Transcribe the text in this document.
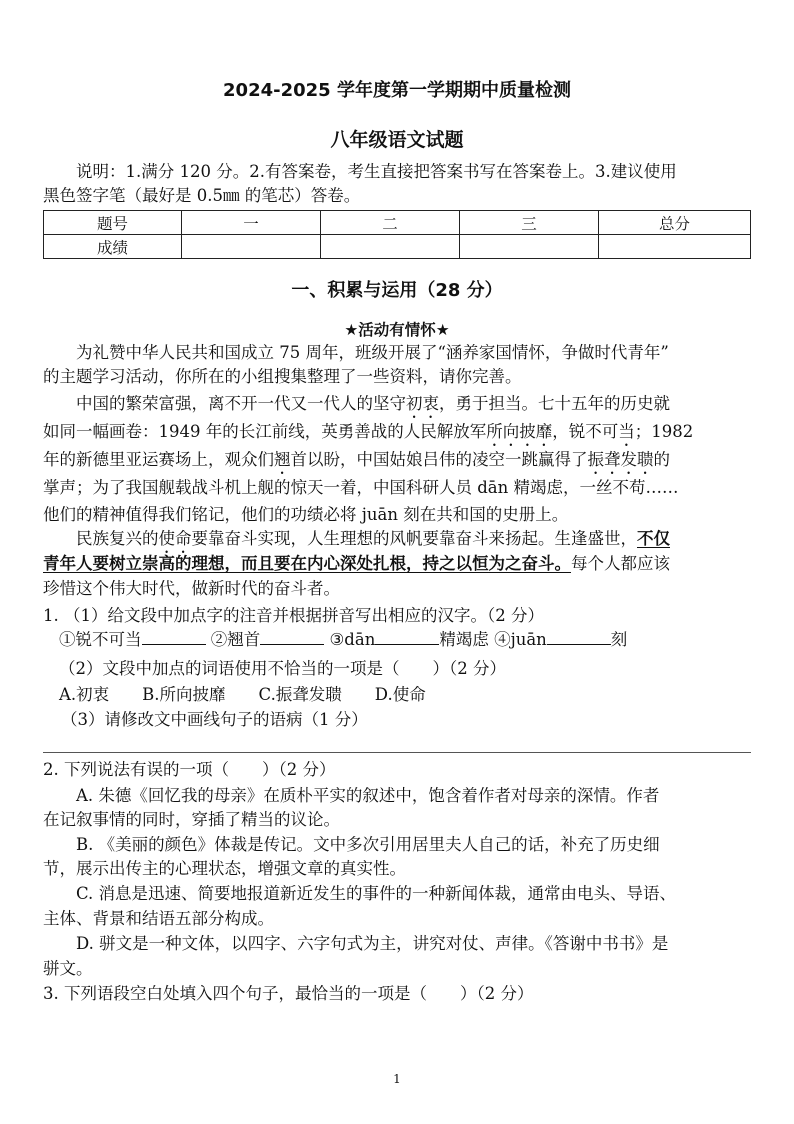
2024-2025 学年度第一学期期中质量检测
八年级语文试题
说明：1.满分 120 分。2.有答案卷，考生直接把答案书写在答案卷上。3.建议使用
黑色签字笔（最好是 0.5㎜ 的笔芯）答卷。
题号	一	二	三	总分
成绩				
一、积累与运用（28 分）
★活动有情怀★
为礼赞中华人民共和国成立 75 周年，班级开展了“涵养家国情怀，争做时代青年”
的主题学习活动，你所在的小组搜集整理了一些资料，请你完善。
中国的繁荣富强，离不开一代又一代人的坚守初衷，勇于担当。七十五年的历史就
如同一幅画卷：1949 年的长江前线，英勇善战的人民解放军所向披靡，锐不可当；1982
年的新德里亚运赛场上，观众们翘首以盼，中国姑娘吕伟的凌空一跳赢得了振聋发聩的
掌声；为了我国舰载战斗机上舰的惊天一着，中国科研人员 dān 精竭虑，一丝不苟……
他们的精神值得我们铭记，他们的功绩必将 juān 刻在共和国的史册上。
民族复兴的使命要靠奋斗实现，人生理想的风帆要靠奋斗来扬起。生逢盛世，不仅
青年人要树立崇高的理想，而且要在内心深处扎根，持之以恒为之奋斗。每个人都应该
珍惜这个伟大时代，做新时代的奋斗者。
1. （1）给文段中加点字的注音并根据拼音写出相应的汉字。（2 分）
①锐不可当	②翘首	③dān	精竭虑 ④juān	刻
（2）文段中加点的词语使用不恰当的一项是（　　）（2 分）
A.初衷　　B.所向披靡　　C.振聋发聩　　D.使命
（3）请修改文中画线句子的语病（1 分）
2. 下列说法有误的一项（　　）（2 分）
A. 朱德《回忆我的母亲》在质朴平实的叙述中，饱含着作者对母亲的深情。作者
在记叙事情的同时，穿插了精当的议论。
B. 《美丽的颜色》体裁是传记。文中多次引用居里夫人自己的话，补充了历史细
节，展示出传主的心理状态，增强文章的真实性。
C. 消息是迅速、简要地报道新近发生的事件的一种新闻体裁，通常由电头、导语、
主体、背景和结语五部分构成。
D. 骈文是一种文体，以四字、六字句式为主，讲究对仗、声律。《答谢中书书》是
骈文。
3. 下列语段空白处填入四个句子，最恰当的一项是（　　）（2 分）
1
